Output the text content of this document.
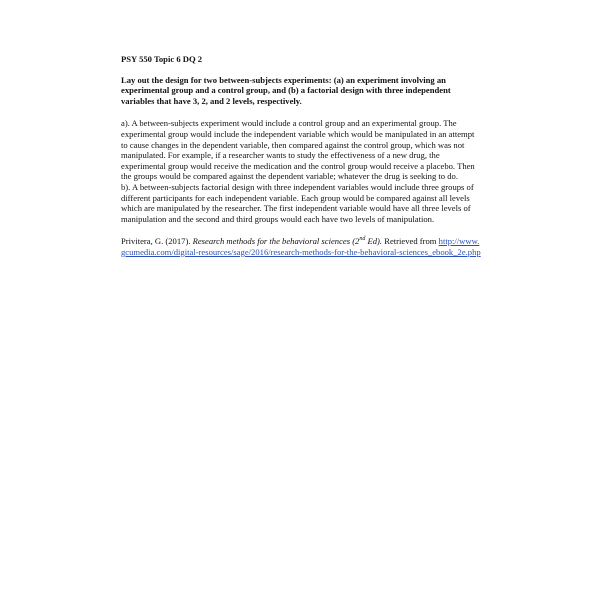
PSY 550 Topic 6 DQ 2
Lay out the design for two between-subjects experiments: (a) an experiment involving an experimental group and a control group, and (b) a factorial design with three independent variables that have 3, 2, and 2 levels, respectively.

a). A between-subjects experiment would include a control group and an experimental group. The experimental group would include the independent variable which would be manipulated in an attempt to cause changes in the dependent variable, then compared against the control group, which was not manipulated. For example, if a researcher wants to study the effectiveness of a new drug, the experimental group would receive the medication and the control group would receive a placebo. Then the groups would be compared against the dependent variable; whatever the drug is seeking to do.

b). A between-subjects factorial design with three independent variables would include three groups of different participants for each independent variable. Each group would be compared against all levels which are manipulated by the researcher. The first independent variable would have all three levels of manipulation and the second and third groups would each have two levels of manipulation.

Privitera, G. (2017). Research methods for the behavioral sciences (2nd Ed). Retrieved from http://www.gcumedia.com/digital-resources/sage/2016/research-methods-for-the-behavioral-sciences_ebook_2e.php
